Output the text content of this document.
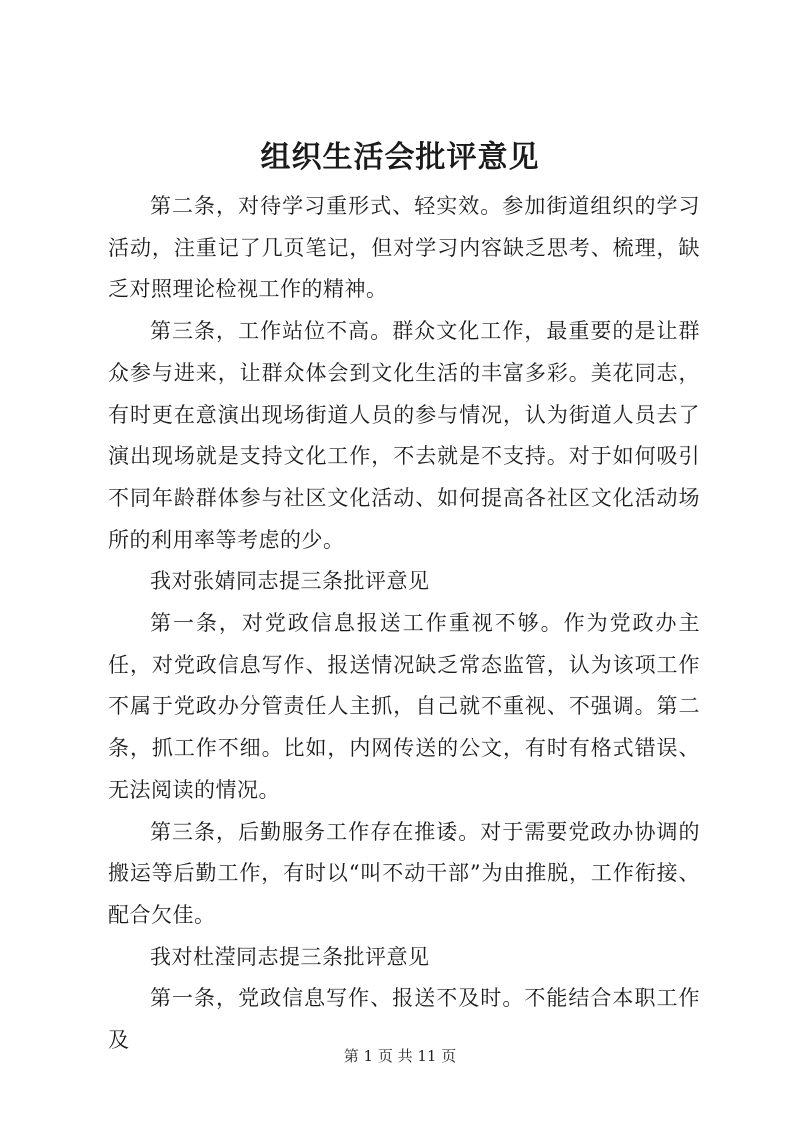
组织生活会批评意见

第二条，对待学习重形式、轻实效。参加街道组织的学习活动，注重记了几页笔记，但对学习内容缺乏思考、梳理，缺乏对照理论检视工作的精神。

第三条，工作站位不高。群众文化工作，最重要的是让群众参与进来，让群众体会到文化生活的丰富多彩。美花同志，有时更在意演出现场街道人员的参与情况，认为街道人员去了演出现场就是支持文化工作，不去就是不支持。对于如何吸引不同年龄群体参与社区文化活动、如何提高各社区文化活动场所的利用率等考虑的少。

我对张婧同志提三条批评意见

第一条，对党政信息报送工作重视不够。作为党政办主任，对党政信息写作、报送情况缺乏常态监管，认为该项工作不属于党政办分管责任人主抓，自己就不重视、不强调。第二条，抓工作不细。比如，内网传送的公文，有时有格式错误、无法阅读的情况。

第三条，后勤服务工作存在推诿。对于需要党政办协调的搬运等后勤工作，有时以“叫不动干部”为由推脱，工作衔接、配合欠佳。

我对杜滢同志提三条批评意见

第一条，党政信息写作、报送不及时。不能结合本职工作及

第 1 页 共 11 页
